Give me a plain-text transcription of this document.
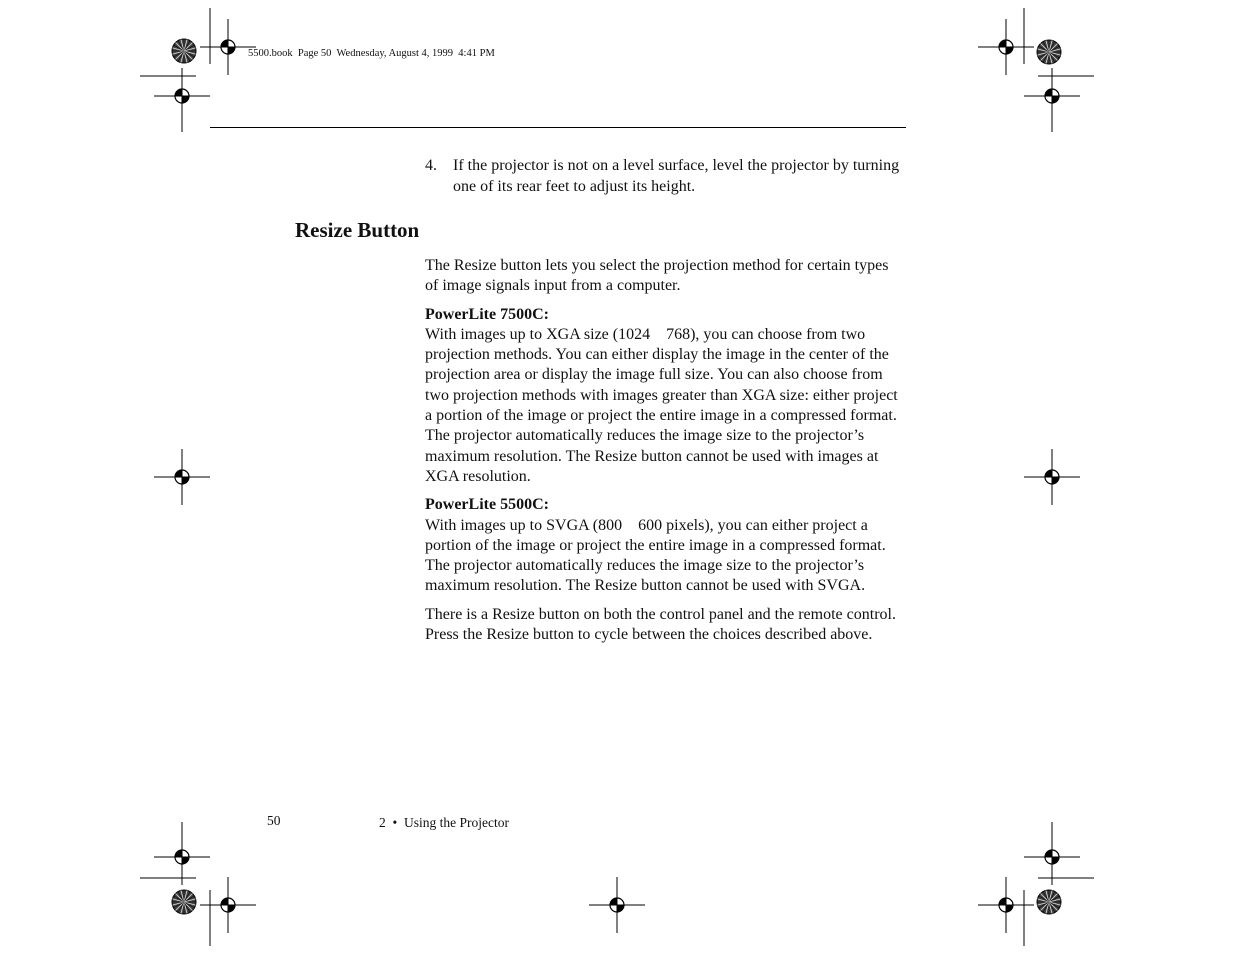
5500.book  Page 50  Wednesday, August 4, 1999  4:41 PM
4. If the projector is not on a level surface, level the projector by turning one of its rear feet to adjust its height.
Resize Button

The Resize button lets you select the projection method for certain types of image signals input from a computer.

PowerLite 7500C:
With images up to XGA size (1024    768), you can choose from two projection methods. You can either display the image in the center of the projection area or display the image full size. You can also choose from two projection methods with images greater than XGA size: either project a portion of the image or project the entire image in a compressed format. The projector automatically reduces the image size to the projector’s maximum resolution. The Resize button cannot be used with images at XGA resolution.

PowerLite 5500C:
With images up to SVGA (800    600 pixels), you can either project a portion of the image or project the entire image in a compressed format. The projector automatically reduces the image size to the projector’s maximum resolution. The Resize button cannot be used with SVGA.

There is a Resize button on both the control panel and the remote control. Press the Resize button to cycle between the choices described above.

50	2  •  Using the Projector
